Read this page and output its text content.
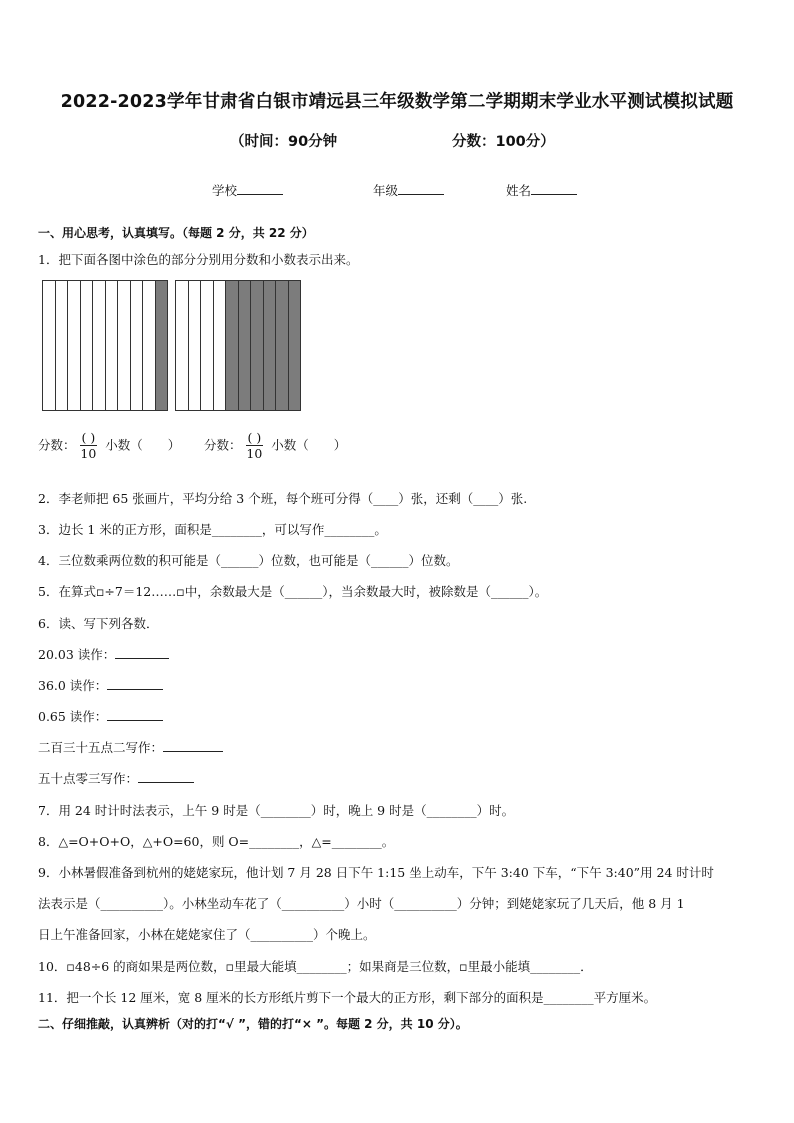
2022-2023学年甘肃省白银市靖远县三年级数学第二学期期末学业水平测试模拟试题
（时间：90分钟	分数：100分）
学校	年级	姓名
一、用心思考，认真填写。（每题 2 分，共 22 分）
1．把下面各图中涂色的部分分别用分数和小数表示出来。
分数： $\frac{( )}{10}$ 小数（　　） 分数： $\frac{( )}{10}$ 小数（　　）
2．李老师把 65 张画片，平均分给 3 个班，每个班可分得（____）张，还剩（____）张.
3．边长 1 米的正方形，面积是________，可以写作________。
4．三位数乘两位数的积可能是（______）位数，也可能是（______）位数。
5．在算式▫÷7＝12……▫中，余数最大是（______），当余数最大时，被除数是（______）。
6．读、写下列各数．
20.03 读作：
36.0 读作：
0.65 读作：
二百三十五点二写作：
五十点零三写作：
7．用 24 时计时法表示，上午 9 时是（________）时，晚上 9 时是（________）时。
8．△=O+O+O，△+O=60，则 O=________，△=________。
9．小林暑假准备到杭州的姥姥家玩，他计划 7 月 28 日下午 1:15 坐上动车，下午 3:40 下车，“下午 3:40”用 24 时计时
法表示是（__________）。小林坐动车花了（__________）小时（__________）分钟；到姥姥家玩了几天后，他 8 月 1
日上午准备回家，小林在姥姥家住了（__________）个晚上。
10．▫48÷6 的商如果是两位数，▫里最大能填________；如果商是三位数，▫里最小能填________．
11．把一个长 12 厘米，宽 8 厘米的长方形纸片剪下一个最大的正方形，剩下部分的面积是________平方厘米。
二、仔细推敲，认真辨析（对的打“√ ”，错的打“× ”。每题 2 分，共 10 分）。
